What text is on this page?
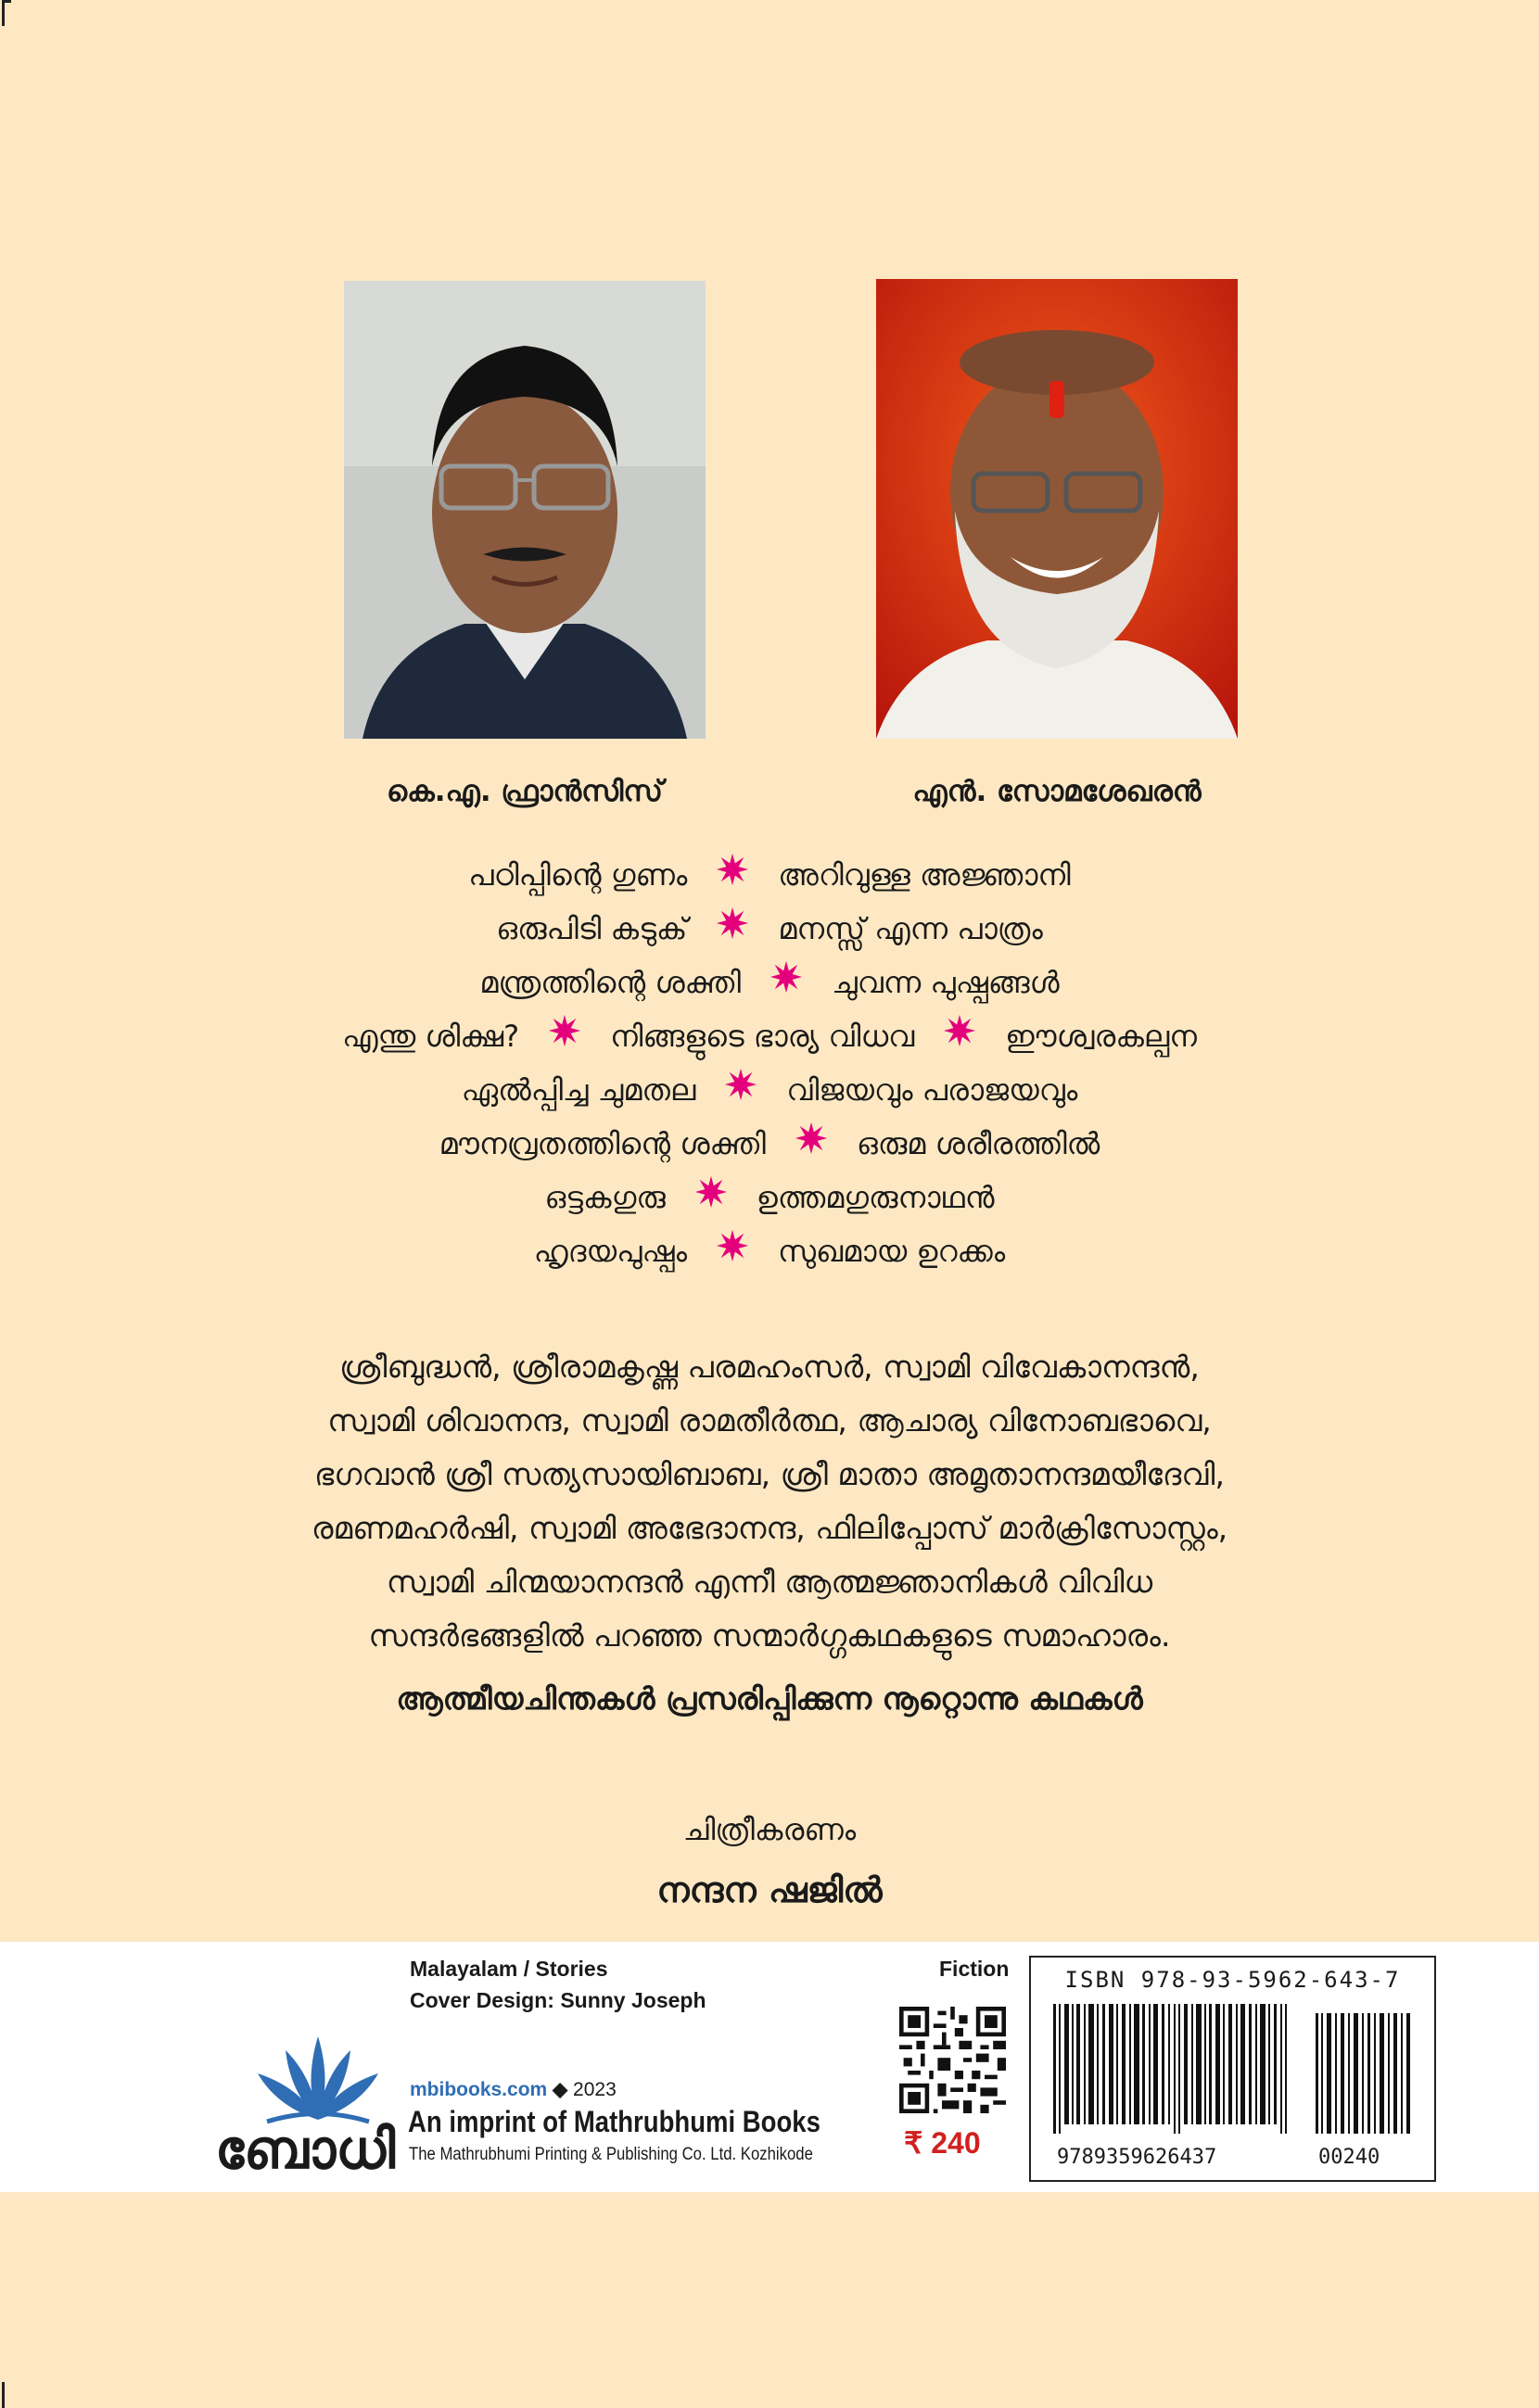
കെ.എ. ഫ്രാൻസിസ്	എൻ. സോമശേഖരൻ
പഠിപ്പിന്റെ ഗുണം	അറിവുള്ള അജ്ഞാനി
ഒരുപിടി കടുക്	മനസ്സ് എന്ന പാത്രം
മന്ത്രത്തിന്റെ ശക്തി	ചുവന്ന പുഷ്പങ്ങൾ
എന്തു ശിക്ഷ?	നിങ്ങളുടെ ഭാര്യ വിധവ	ഈശ്വരകല്പന
ഏൽപ്പിച്ച ചുമതല	വിജയവും പരാജയവും
മൗനവ്രതത്തിന്റെ ശക്തി	ഒരുമ ശരീരത്തിൽ
ഒട്ടകഗുരു	ഉത്തമഗുരുനാഥൻ
ഹൃദയപുഷ്പം	സുഖമായ ഉറക്കം
ശ്രീബുദ്ധൻ, ശ്രീരാമകൃഷ്ണ പരമഹംസർ, സ്വാമി വിവേകാനന്ദൻ,
സ്വാമി ശിവാനന്ദ, സ്വാമി രാമതീർത്ഥ, ആചാര്യ വിനോബഭാവെ,
ഭഗവാൻ ശ്രീ സത്യസായിബാബ, ശ്രീ മാതാ അമൃതാനന്ദമയീദേവി,
രമണമഹർഷി, സ്വാമി അഭേദാനന്ദ, ഫിലിപ്പോസ് മാർക്രിസോസ്റ്റം,
സ്വാമി ചിന്മയാനന്ദൻ എന്നീ ആത്മജ്ഞാനികൾ വിവിധ
സന്ദർഭങ്ങളിൽ പറഞ്ഞ സന്മാർഗ്ഗകഥകളുടെ സമാഹാരം.
ആത്മീയചിന്തകൾ പ്രസരിപ്പിക്കുന്ന നൂറ്റൊന്നു കഥകൾ
ചിത്രീകരണം
നന്ദന ഷജിൽ
Malayalam / Stories
Cover Design: Sunny Joseph
Fiction
ബോധി
mbibooks.com ◆ 2023
An imprint of Mathrubhumi Books
The Mathrubhumi Printing & Publishing Co. Ltd. Kozhikode	₹ 240
ISBN 978-93-5962-643-7
9789359626437	00240
